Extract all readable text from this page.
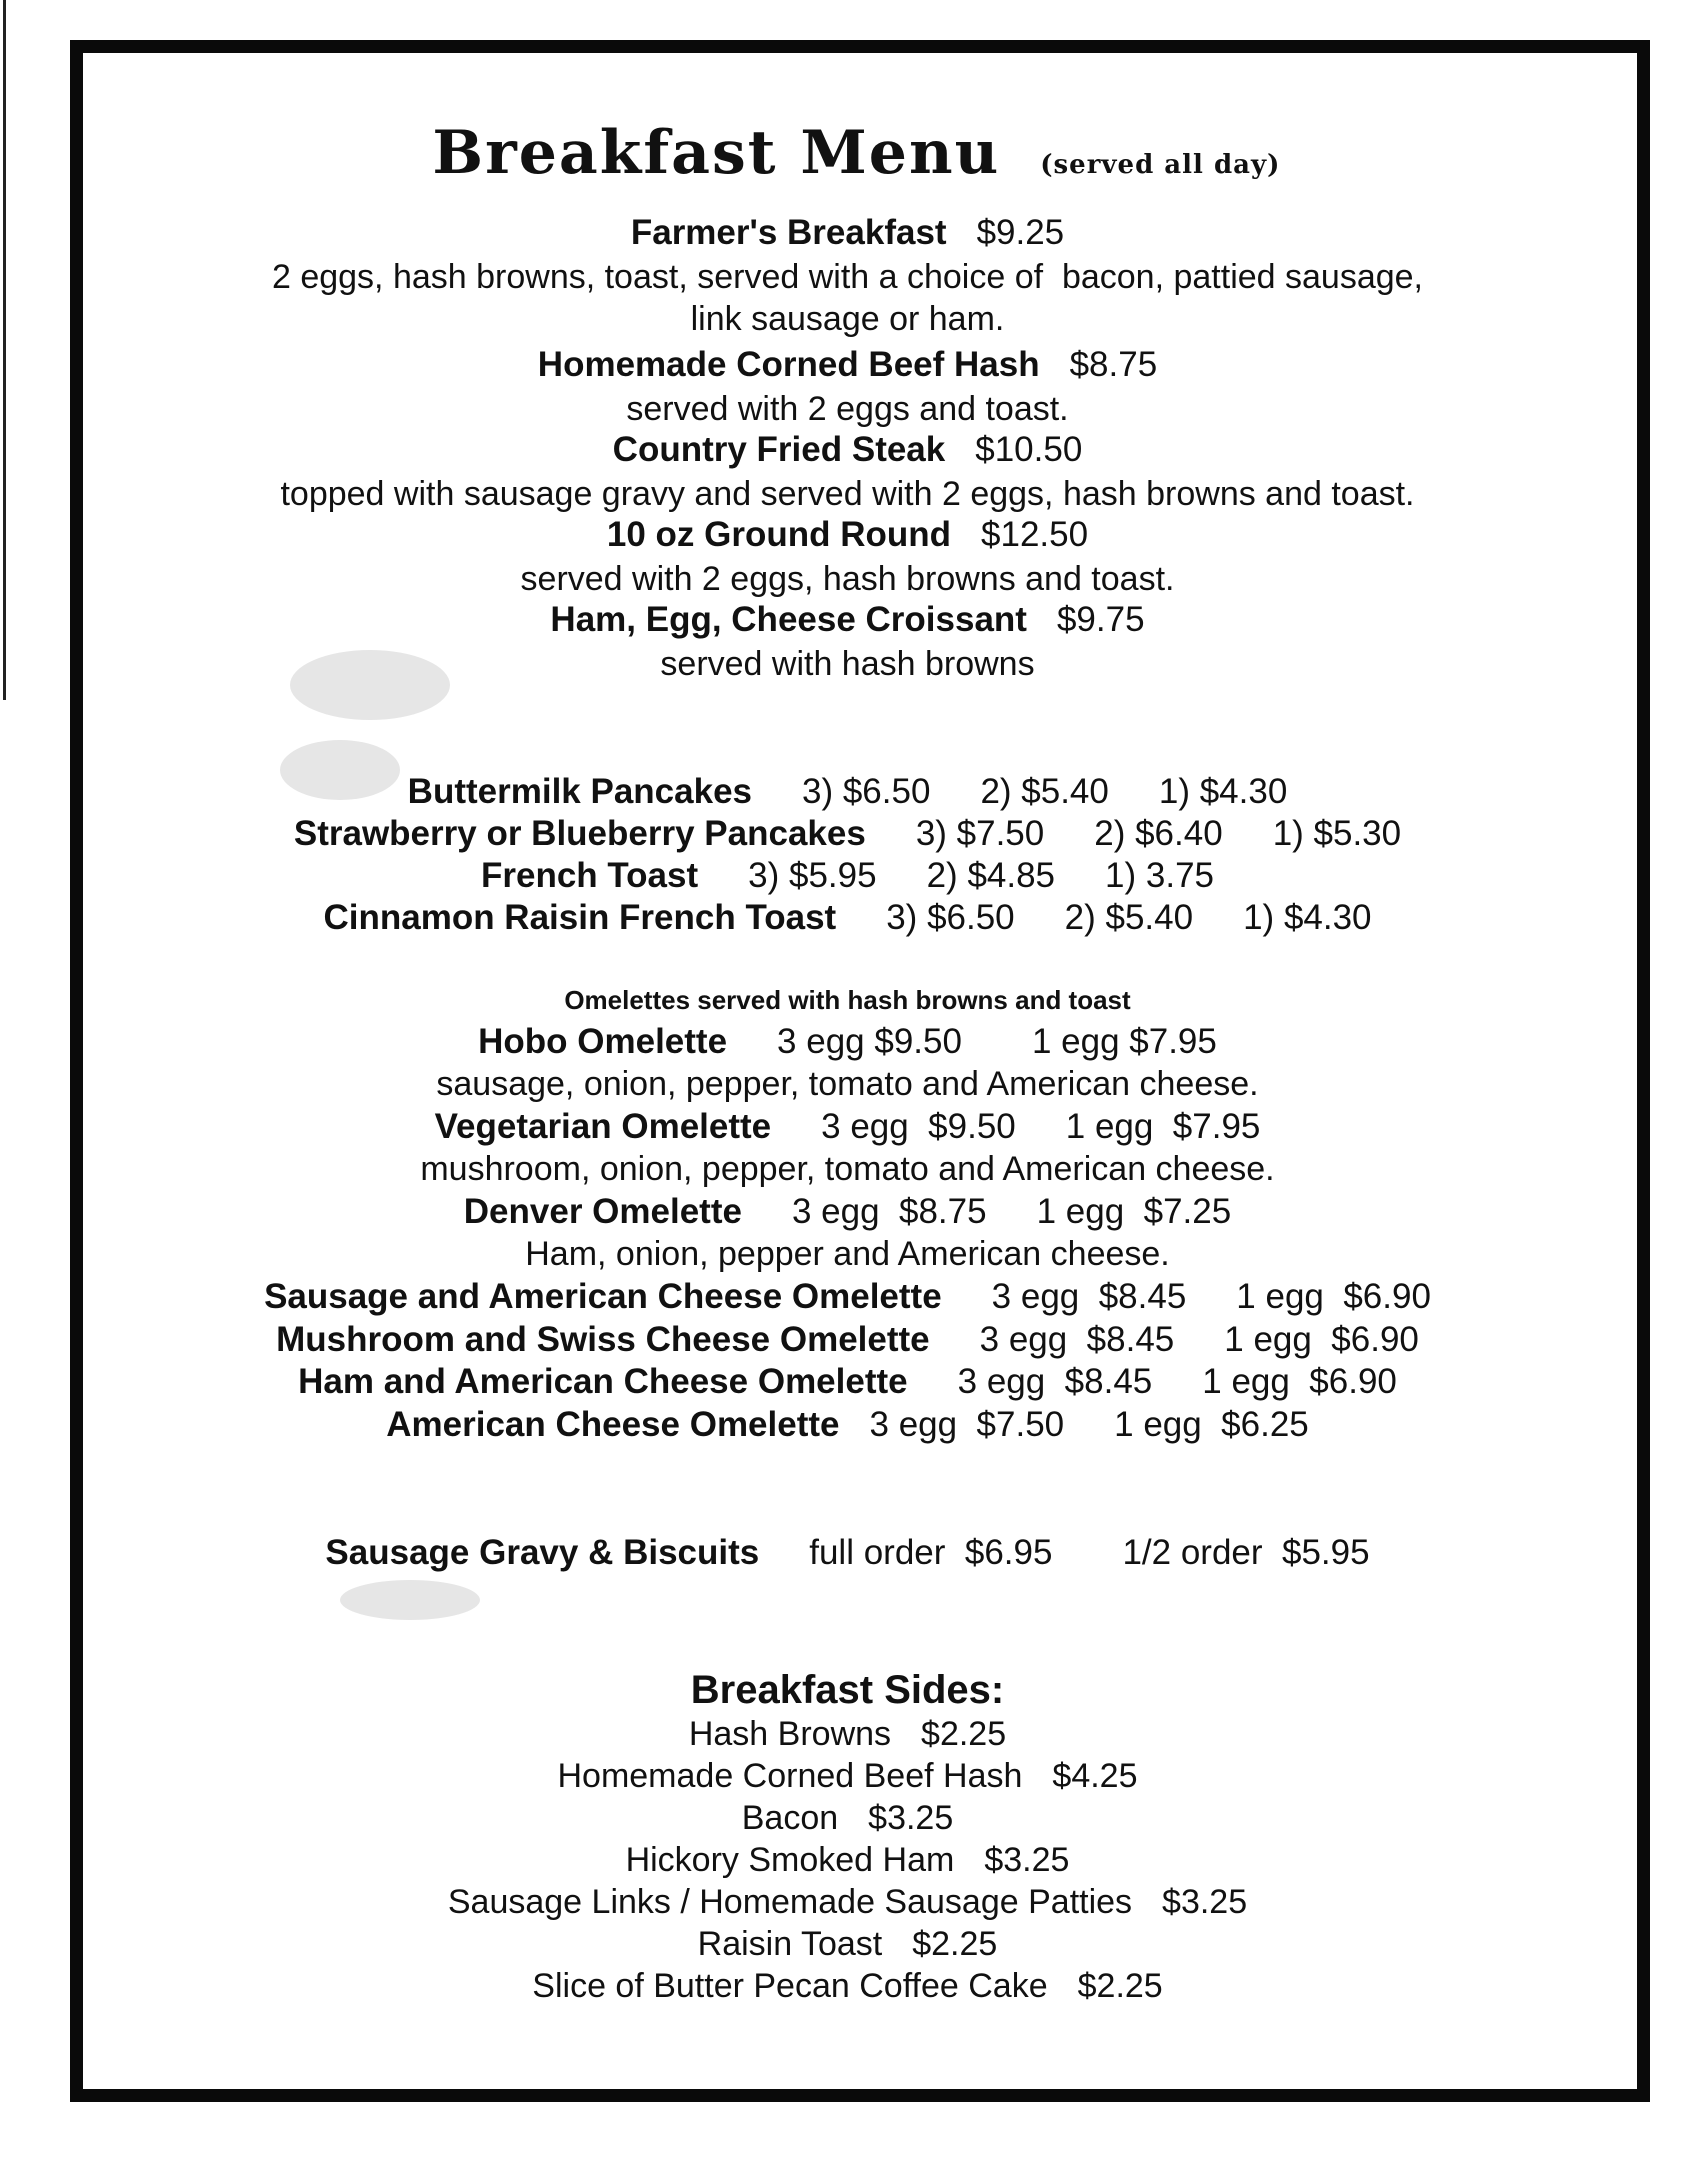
Breakfast Menu (served all day)

Farmer's Breakfast $9.25
2 eggs, hash browns, toast, served with a choice of  bacon, pattied sausage,
link sausage or ham.
Homemade Corned Beef Hash $8.75
served with 2 eggs and toast.
Country Fried Steak $10.50
topped with sausage gravy and served with 2 eggs, hash browns and toast.
10 oz Ground Round $12.50
served with 2 eggs, hash browns and toast.
Ham, Egg, Cheese Croissant $9.75
served with hash browns
Buttermilk Pancakes 3) $6.50 2) $5.40 1) $4.30
Strawberry or Blueberry Pancakes 3) $7.50 2) $6.40 1) $5.30
French Toast 3) $5.95 2) $4.85 1) 3.75
Cinnamon Raisin French Toast 3) $6.50 2) $5.40 1) $4.30
Omelettes served with hash browns and toast
Hobo Omelette 3 egg $9.50 1 egg $7.95
sausage, onion, pepper, tomato and American cheese.
Vegetarian Omelette 3 egg  $9.50 1 egg  $7.95
mushroom, onion, pepper, tomato and American cheese.
Denver Omelette 3 egg  $8.75 1 egg  $7.25
Ham, onion, pepper and American cheese.
Sausage and American Cheese Omelette 3 egg  $8.45 1 egg  $6.90
Mushroom and Swiss Cheese Omelette 3 egg  $8.45 1 egg  $6.90
Ham and American Cheese Omelette 3 egg  $8.45 1 egg  $6.90
American Cheese Omelette 3 egg  $7.50 1 egg  $6.25
Sausage Gravy & Biscuits full order  $6.95 1/2 order  $5.95
Breakfast Sides:
Hash Browns $2.25
Homemade Corned Beef Hash $4.25
Bacon $3.25
Hickory Smoked Ham $3.25
Sausage Links / Homemade Sausage Patties $3.25
Raisin Toast $2.25
Slice of Butter Pecan Coffee Cake $2.25
